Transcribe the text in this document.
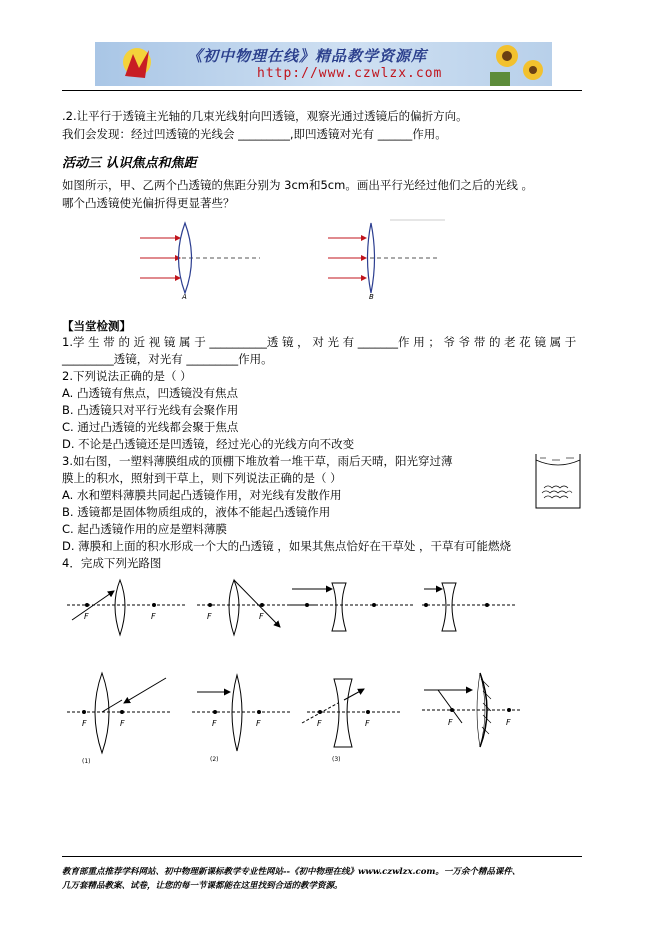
《初中物理在线》精品教学资源库
http://www.czwlzx.com
.2.让平行于透镜主光轴的几束光线射向凹透镜，观察光通过透镜后的偏折方向。
我们会发现：经过凹透镜的光线会 _________,即凹透镜对光有 ______作用。
活动三 认识焦点和焦距
如图所示，甲、乙两个凸透镜的焦距分别为 3cm和5cm。画出平行光经过他们之后的光线 。
哪个凸透镜使光偏折得更显著些？
A	B
【当堂检测】
1.学 生 带 的 近 视 镜 属 于 __________透 镜 ， 对 光 有 _______作 用 ； 爷 爷 带 的 老 花 镜 属 于
_________透镜，对光有 _________作用。
2.下列说法正确的是（ ）
A. 凸透镜有焦点，凹透镜没有焦点
B. 凸透镜只对平行光线有会聚作用
C. 通过凸透镜的光线都会聚于焦点
D. 不论是凸透镜还是凹透镜，经过光心的光线方向不改变
3.如右图，一塑料薄膜组成的顶棚下堆放着一堆干草，雨后天晴，阳光穿过薄
膜上的积水，照射到干草上，则下列说法正确的是（ ）
A. 水和塑料薄膜共同起凸透镜作用，对光线有发散作用
B. 透镜都是固体物质组成的，液体不能起凸透镜作用
C. 起凸透镜作用的应是塑料薄膜
D. 薄膜和上面的积水形成一个大的凸透镜 ，如果其焦点恰好在干草处 ，干草有可能燃烧
4．完成下列光路图
F	F	F	F
F	F
(1)
F	F
(2)
F	F
(3)
F	F
教育部重点推荐学科网站、初中物理新课标教学专业性网站--《初中物理在线》www.czwlzx.com。一万余个精品课件、
几万套精品教案、试卷，让您的每一节课都能在这里找到合适的教学资源。
